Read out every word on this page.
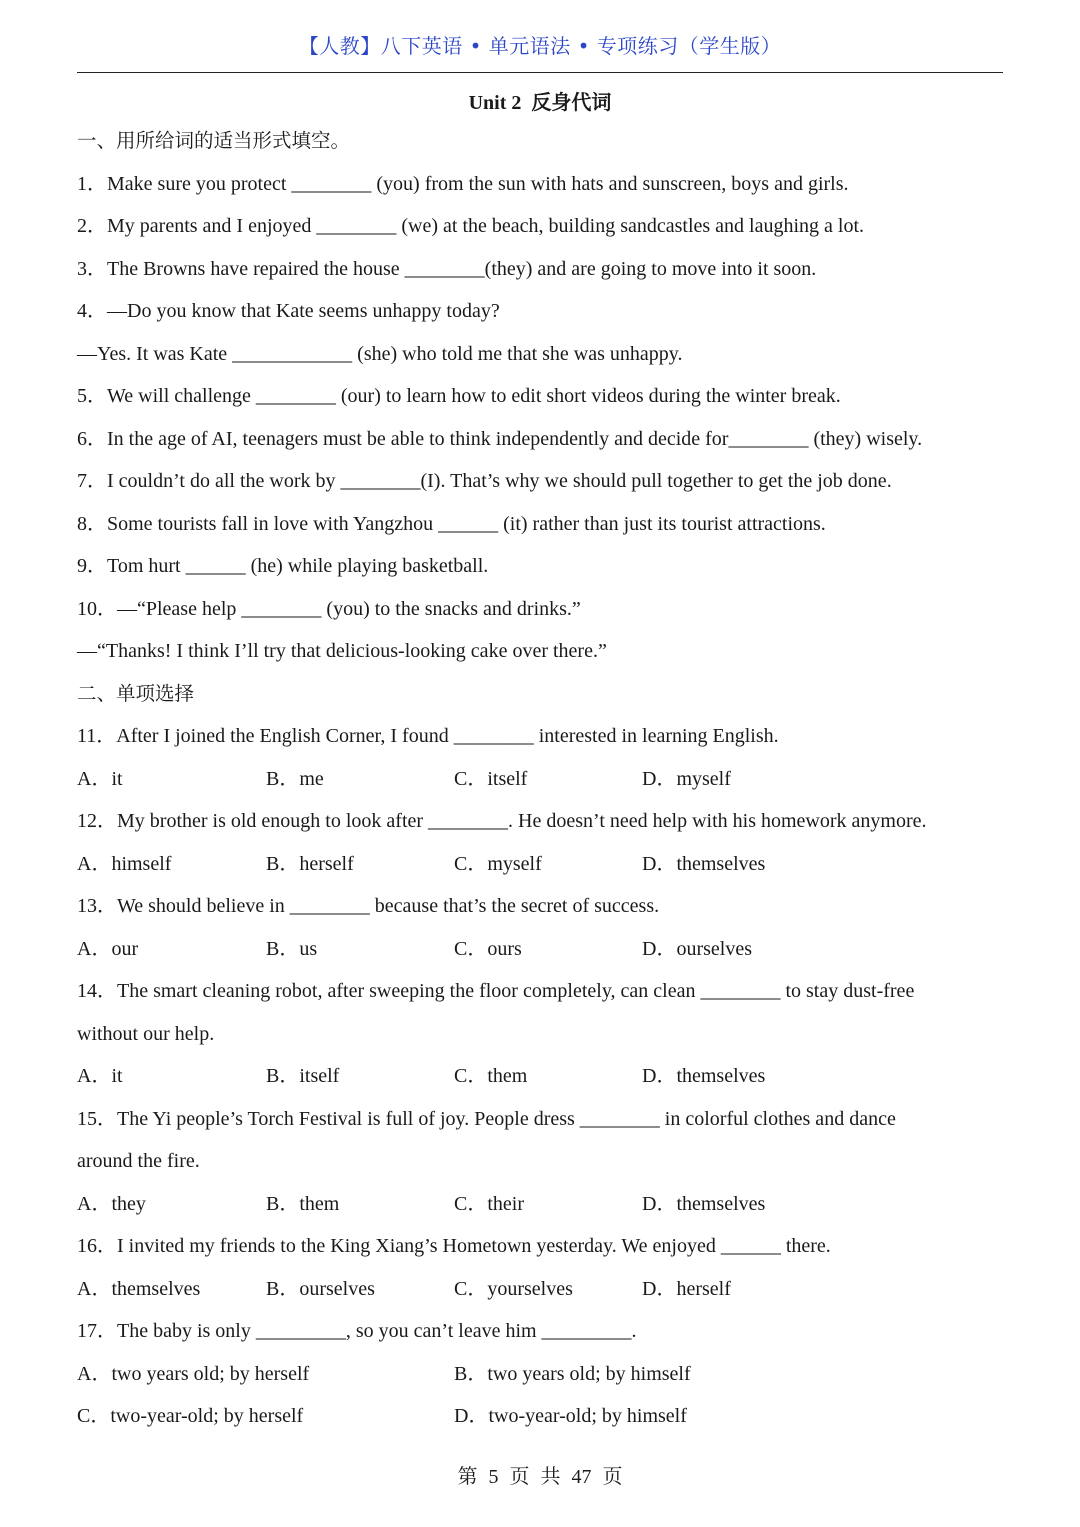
【人教】八下英语 • 单元语法 • 专项练习（学生版）
Unit 2 反身代词
一、用所给词的适当形式填空。
1．Make sure you protect ________ (you) from the sun with hats and sunscreen, boys and girls.
2．My parents and I enjoyed ________ (we) at the beach, building sandcastles and laughing a lot.
3．The Browns have repaired the house ________(they) and are going to move into it soon.
4．—Do you know that Kate seems unhappy today?
—Yes. It was Kate ____________ (she) who told me that she was unhappy.
5．We will challenge ________ (our) to learn how to edit short videos during the winter break.
6．In the age of AI, teenagers must be able to think independently and decide for________ (they) wisely.
7．I couldn’t do all the work by ________(I). That’s why we should pull together to get the job done.
8．Some tourists fall in love with Yangzhou ______ (it) rather than just its tourist attractions.
9．Tom hurt ______ (he) while playing basketball.
10．—“Please help ________ (you) to the snacks and drinks.”
—“Thanks! I think I’ll try that delicious-looking cake over there.”
二、单项选择
11．After I joined the English Corner, I found ________ interested in learning English.
A．it	B．me	C．itself	D．myself
12．My brother is old enough to look after ________. He doesn’t need help with his homework anymore.
A．himself	B．herself	C．myself	D．themselves
13．We should believe in ________ because that’s the secret of success.
A．our	B．us	C．ours	D．ourselves
14．The smart cleaning robot, after sweeping the floor completely, can clean ________ to stay dust-free
without our help.
A．it	B．itself	C．them	D．themselves
15．The Yi people’s Torch Festival is full of joy. People dress ________ in colorful clothes and dance
around the fire.
A．they	B．them	C．their	D．themselves
16．I invited my friends to the King Xiang’s Hometown yesterday. We enjoyed ______ there.
A．themselves	B．ourselves	C．yourselves	D．herself
17．The baby is only _________, so you can’t leave him _________.
A．two years old; by herself	B．two years old; by himself
C．two-year-old; by herself	D．two-year-old; by himself
第 5 页 共 47 页
